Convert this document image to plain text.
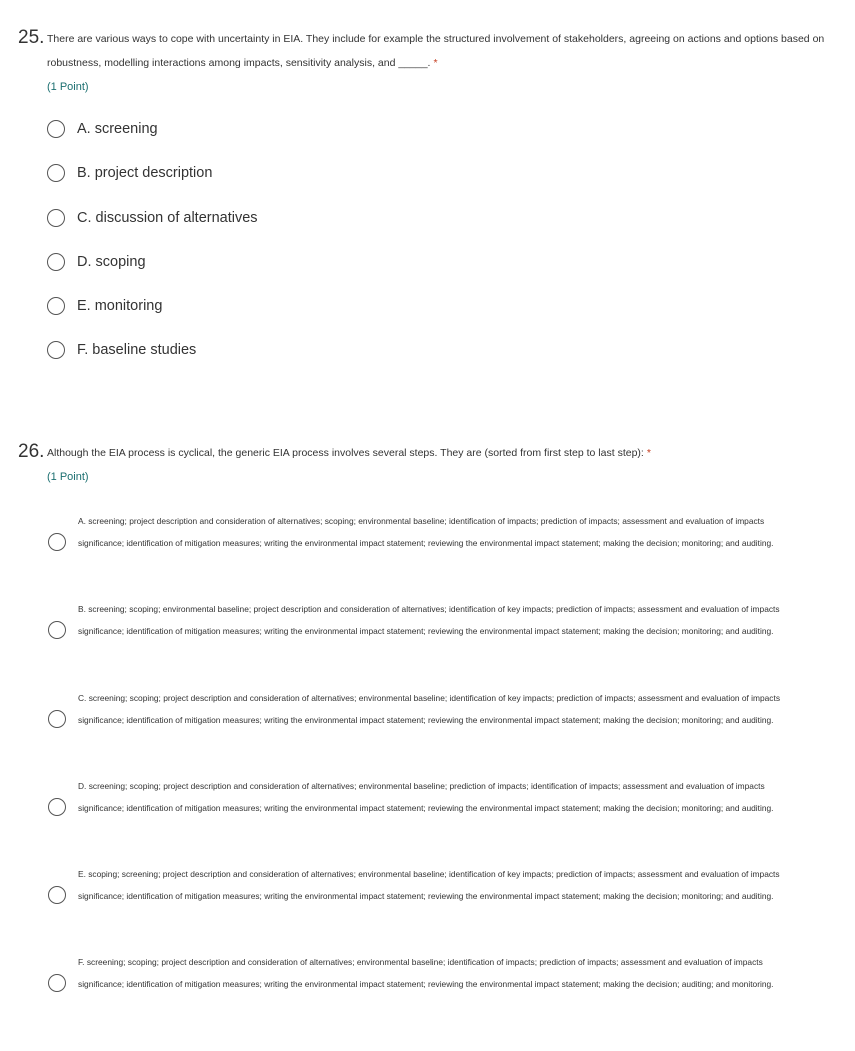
25. There are various ways to cope with uncertainty in EIA. They include for example the structured involvement of stakeholders, agreeing on actions and options based on robustness, modelling interactions among impacts, sensitivity analysis, and _____. *
(1 Point)
A. screening
B. project description
C. discussion of alternatives
D. scoping
E. monitoring
F. baseline studies
26. Although the EIA process is cyclical, the generic EIA process involves several steps. They are (sorted from first step to last step): *
(1 Point)
A. screening; project description and consideration of alternatives; scoping; environmental baseline; identification of impacts; prediction of impacts; assessment and evaluation of impacts significance; identification of mitigation measures; writing the environmental impact statement; reviewing the environmental impact statement; making the decision; monitoring; and auditing.
B. screening; scoping; environmental baseline; project description and consideration of alternatives; identification of key impacts; prediction of impacts; assessment and evaluation of impacts significance; identification of mitigation measures; writing the environmental impact statement; reviewing the environmental impact statement; making the decision; monitoring; and auditing.
C. screening; scoping; project description and consideration of alternatives; environmental baseline; identification of key impacts; prediction of impacts; assessment and evaluation of impacts significance; identification of mitigation measures; writing the environmental impact statement; reviewing the environmental impact statement; making the decision; monitoring; and auditing.
D. screening; scoping; project description and consideration of alternatives; environmental baseline; prediction of impacts; identification of impacts; assessment and evaluation of impacts significance; identification of mitigation measures; writing the environmental impact statement; reviewing the environmental impact statement; making the decision; monitoring; and auditing.
E. scoping; screening; project description and consideration of alternatives; environmental baseline; identification of key impacts; prediction of impacts; assessment and evaluation of impacts significance; identification of mitigation measures; writing the environmental impact statement; reviewing the environmental impact statement; making the decision; monitoring; and auditing.
F. screening; scoping; project description and consideration of alternatives; environmental baseline; identification of impacts; prediction of impacts; assessment and evaluation of impacts significance; identification of mitigation measures; writing the environmental impact statement; reviewing the environmental impact statement; making the decision; auditing; and monitoring.
